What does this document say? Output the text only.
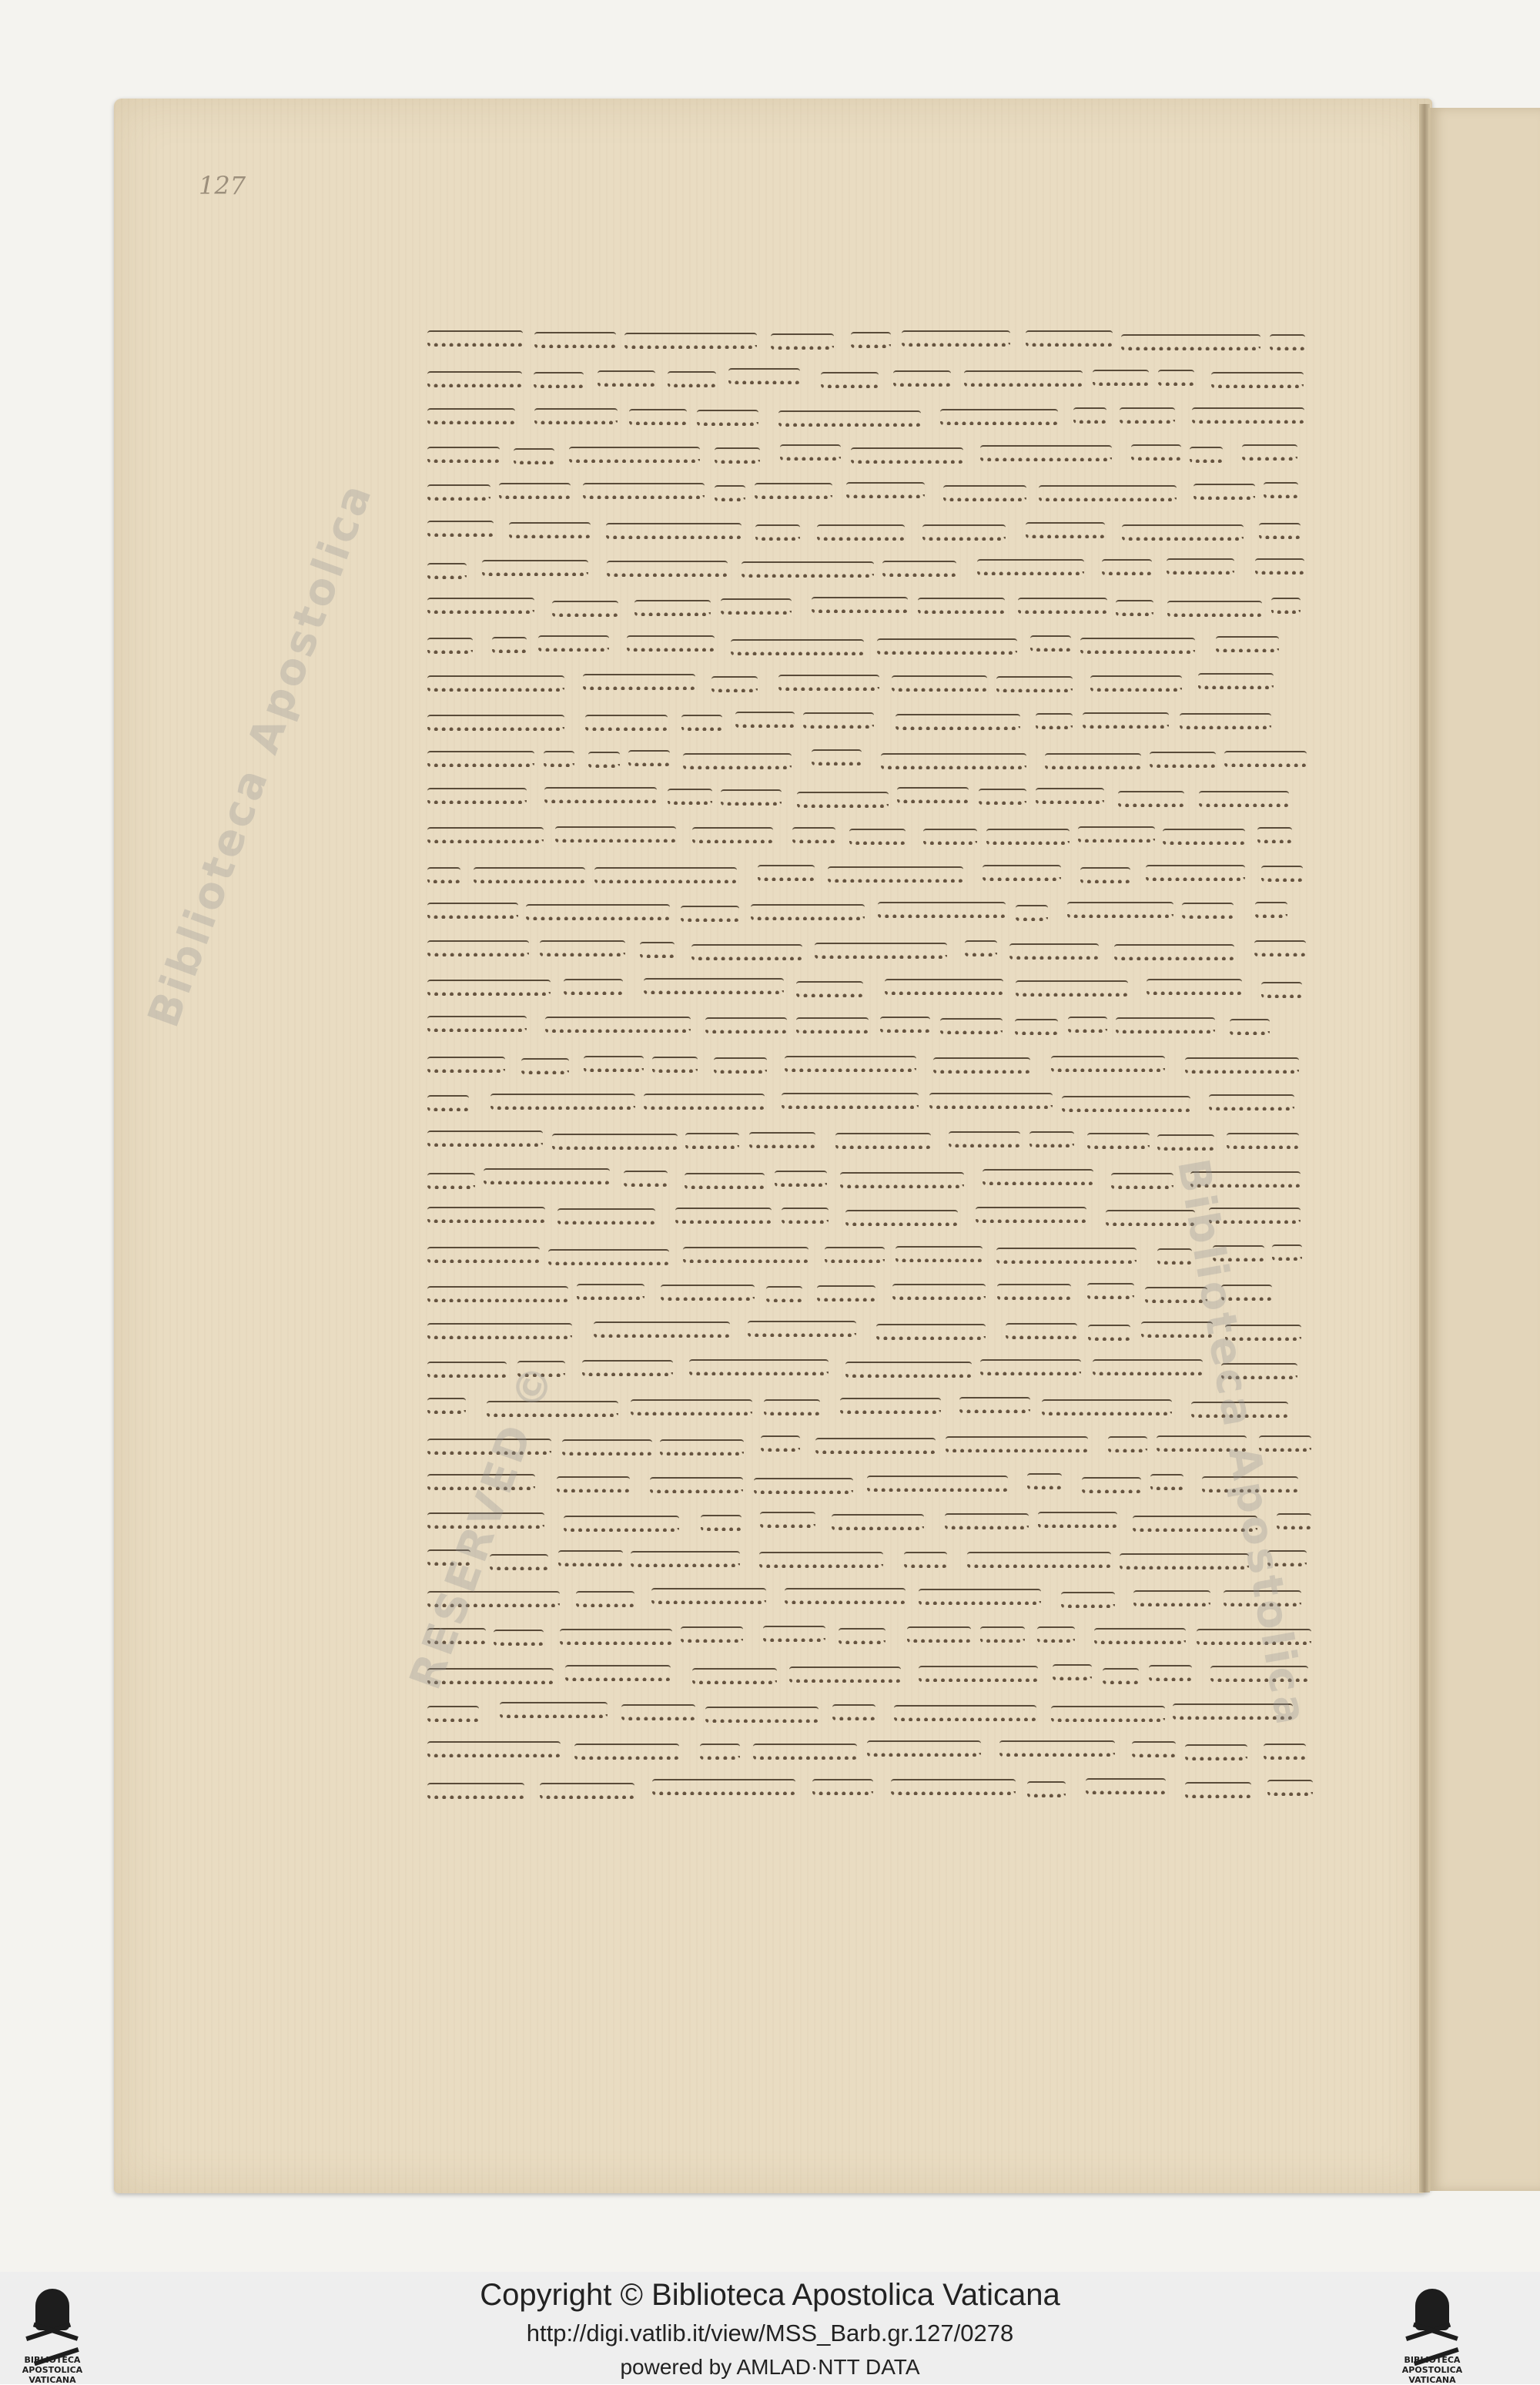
127
Biblioteca Apostolica
RESERVED ©	Biblioteca Apostolica
Copyright © Biblioteca Apostolica Vaticana
http://digi.vatlib.it/view/MSS_Barb.gr.127/0278
powered by AMLAD·NTT DATA
BIBLIOTECA APOSTOLICA VATICANA
BIBLIOTECA APOSTOLICA VATICANA
